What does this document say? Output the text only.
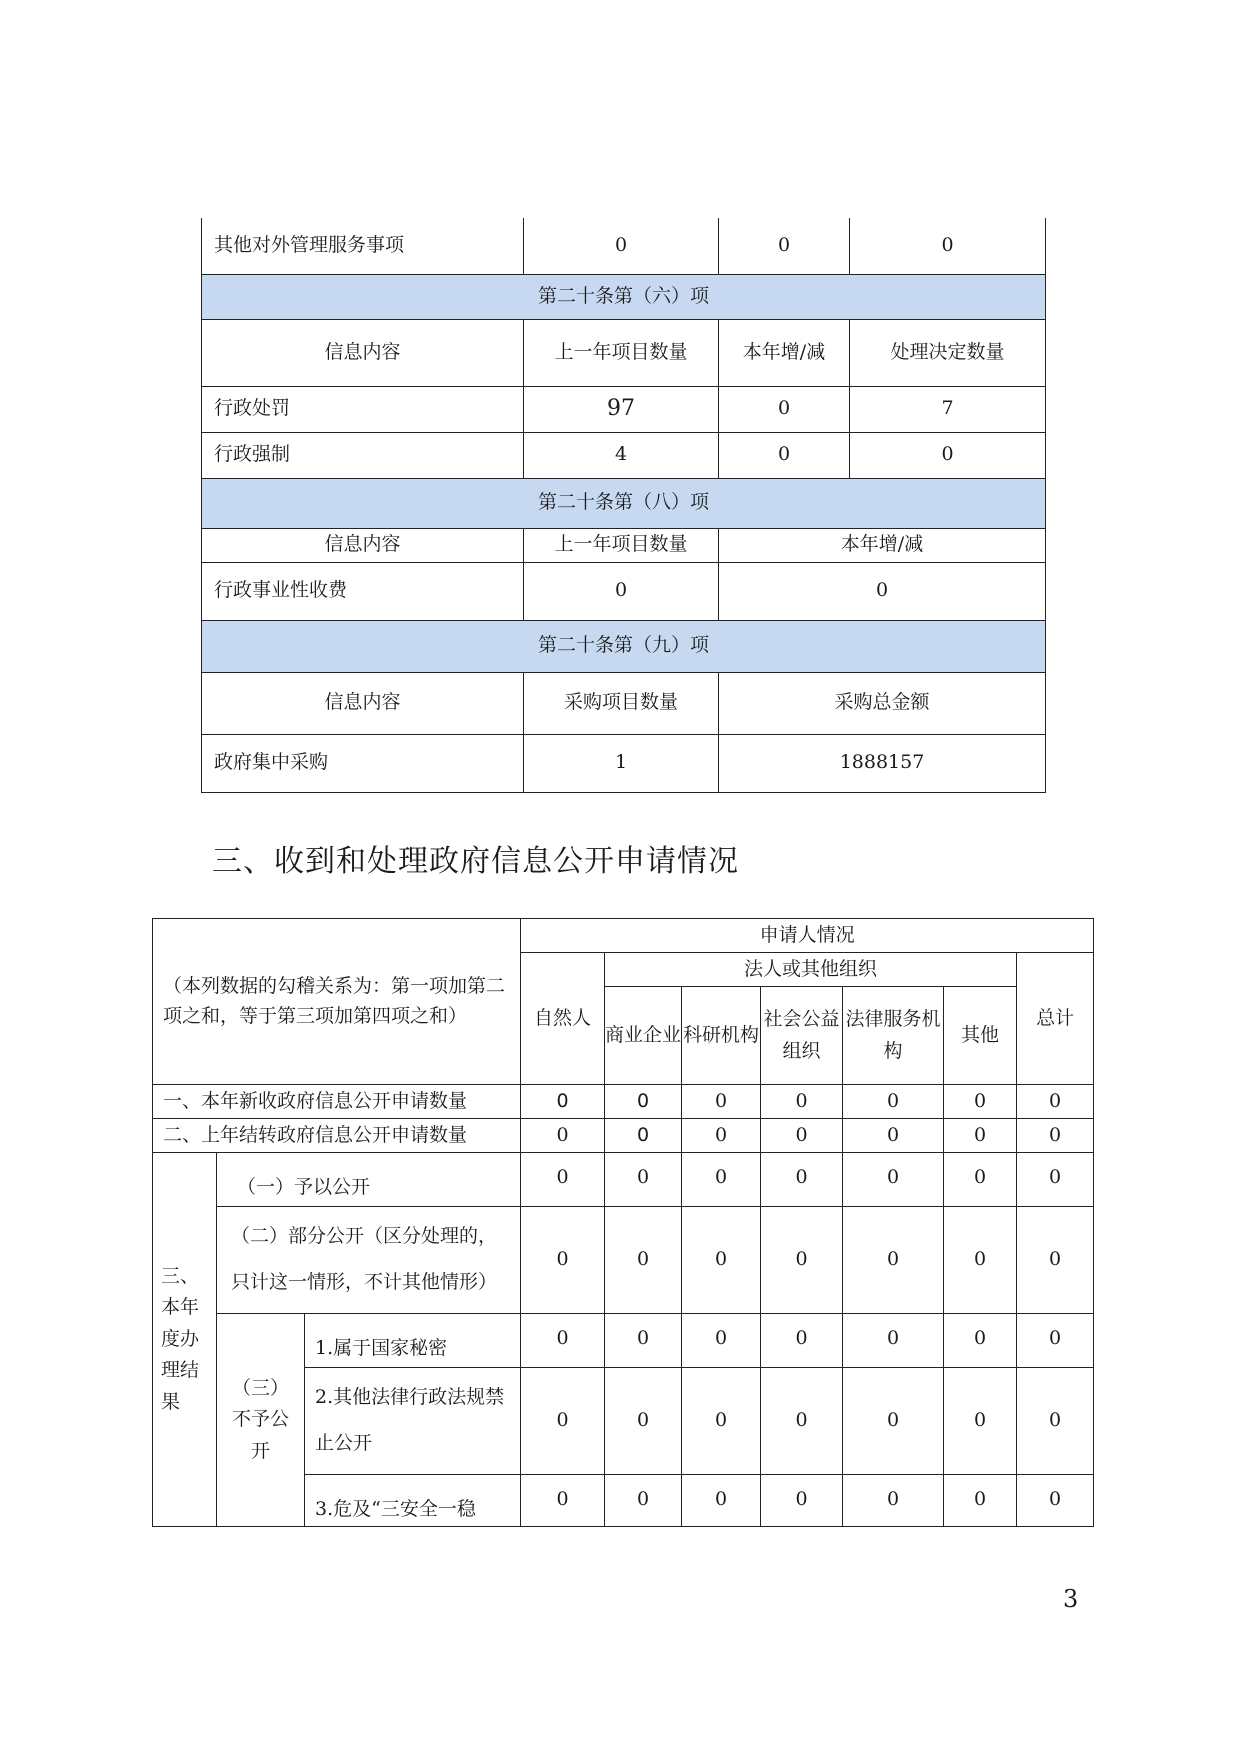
其他对外管理服务事项	0	0	0
第二十条第（六）项			
信息内容	上一年项目数量	本年增/减	处理决定数量
行政处罚	97	0	7
行政强制	4	0	0
第二十条第（八）项			
信息内容	上一年项目数量	本年增/减	
行政事业性收费	0	0	
第二十条第（九）项			
信息内容	采购项目数量	采购总金额	
政府集中采购	1	1888157	
三、收到和处理政府信息公开申请情况
（本列数据的勾稽关系为：第一项加第二项之和，等于第三项加第四项之和）			申请人情况						
			自然人	法人或其他组织					总计
				商业企业	科研机构	社会公益组织	法律服务机构	其他	
一、本年新收政府信息公开申请数量			0	0	0	0	0	0	0
二、上年结转政府信息公开申请数量			0	0	0	0	0	0	0
三、本年度办理结果	（一）予以公开		0	0	0	0	0	0	0
	（二）部分公开（区分处理的，只计这一情形，不计其他情形）		0	0	0	0	0	0	0
	（三）不予公开	1.属于国家秘密	0	0	0	0	0	0	0
		2.其他法律行政法规禁止公开	0	0	0	0	0	0	0
		3.危及“三安全一稳	0	0	0	0	0	0	0
3
